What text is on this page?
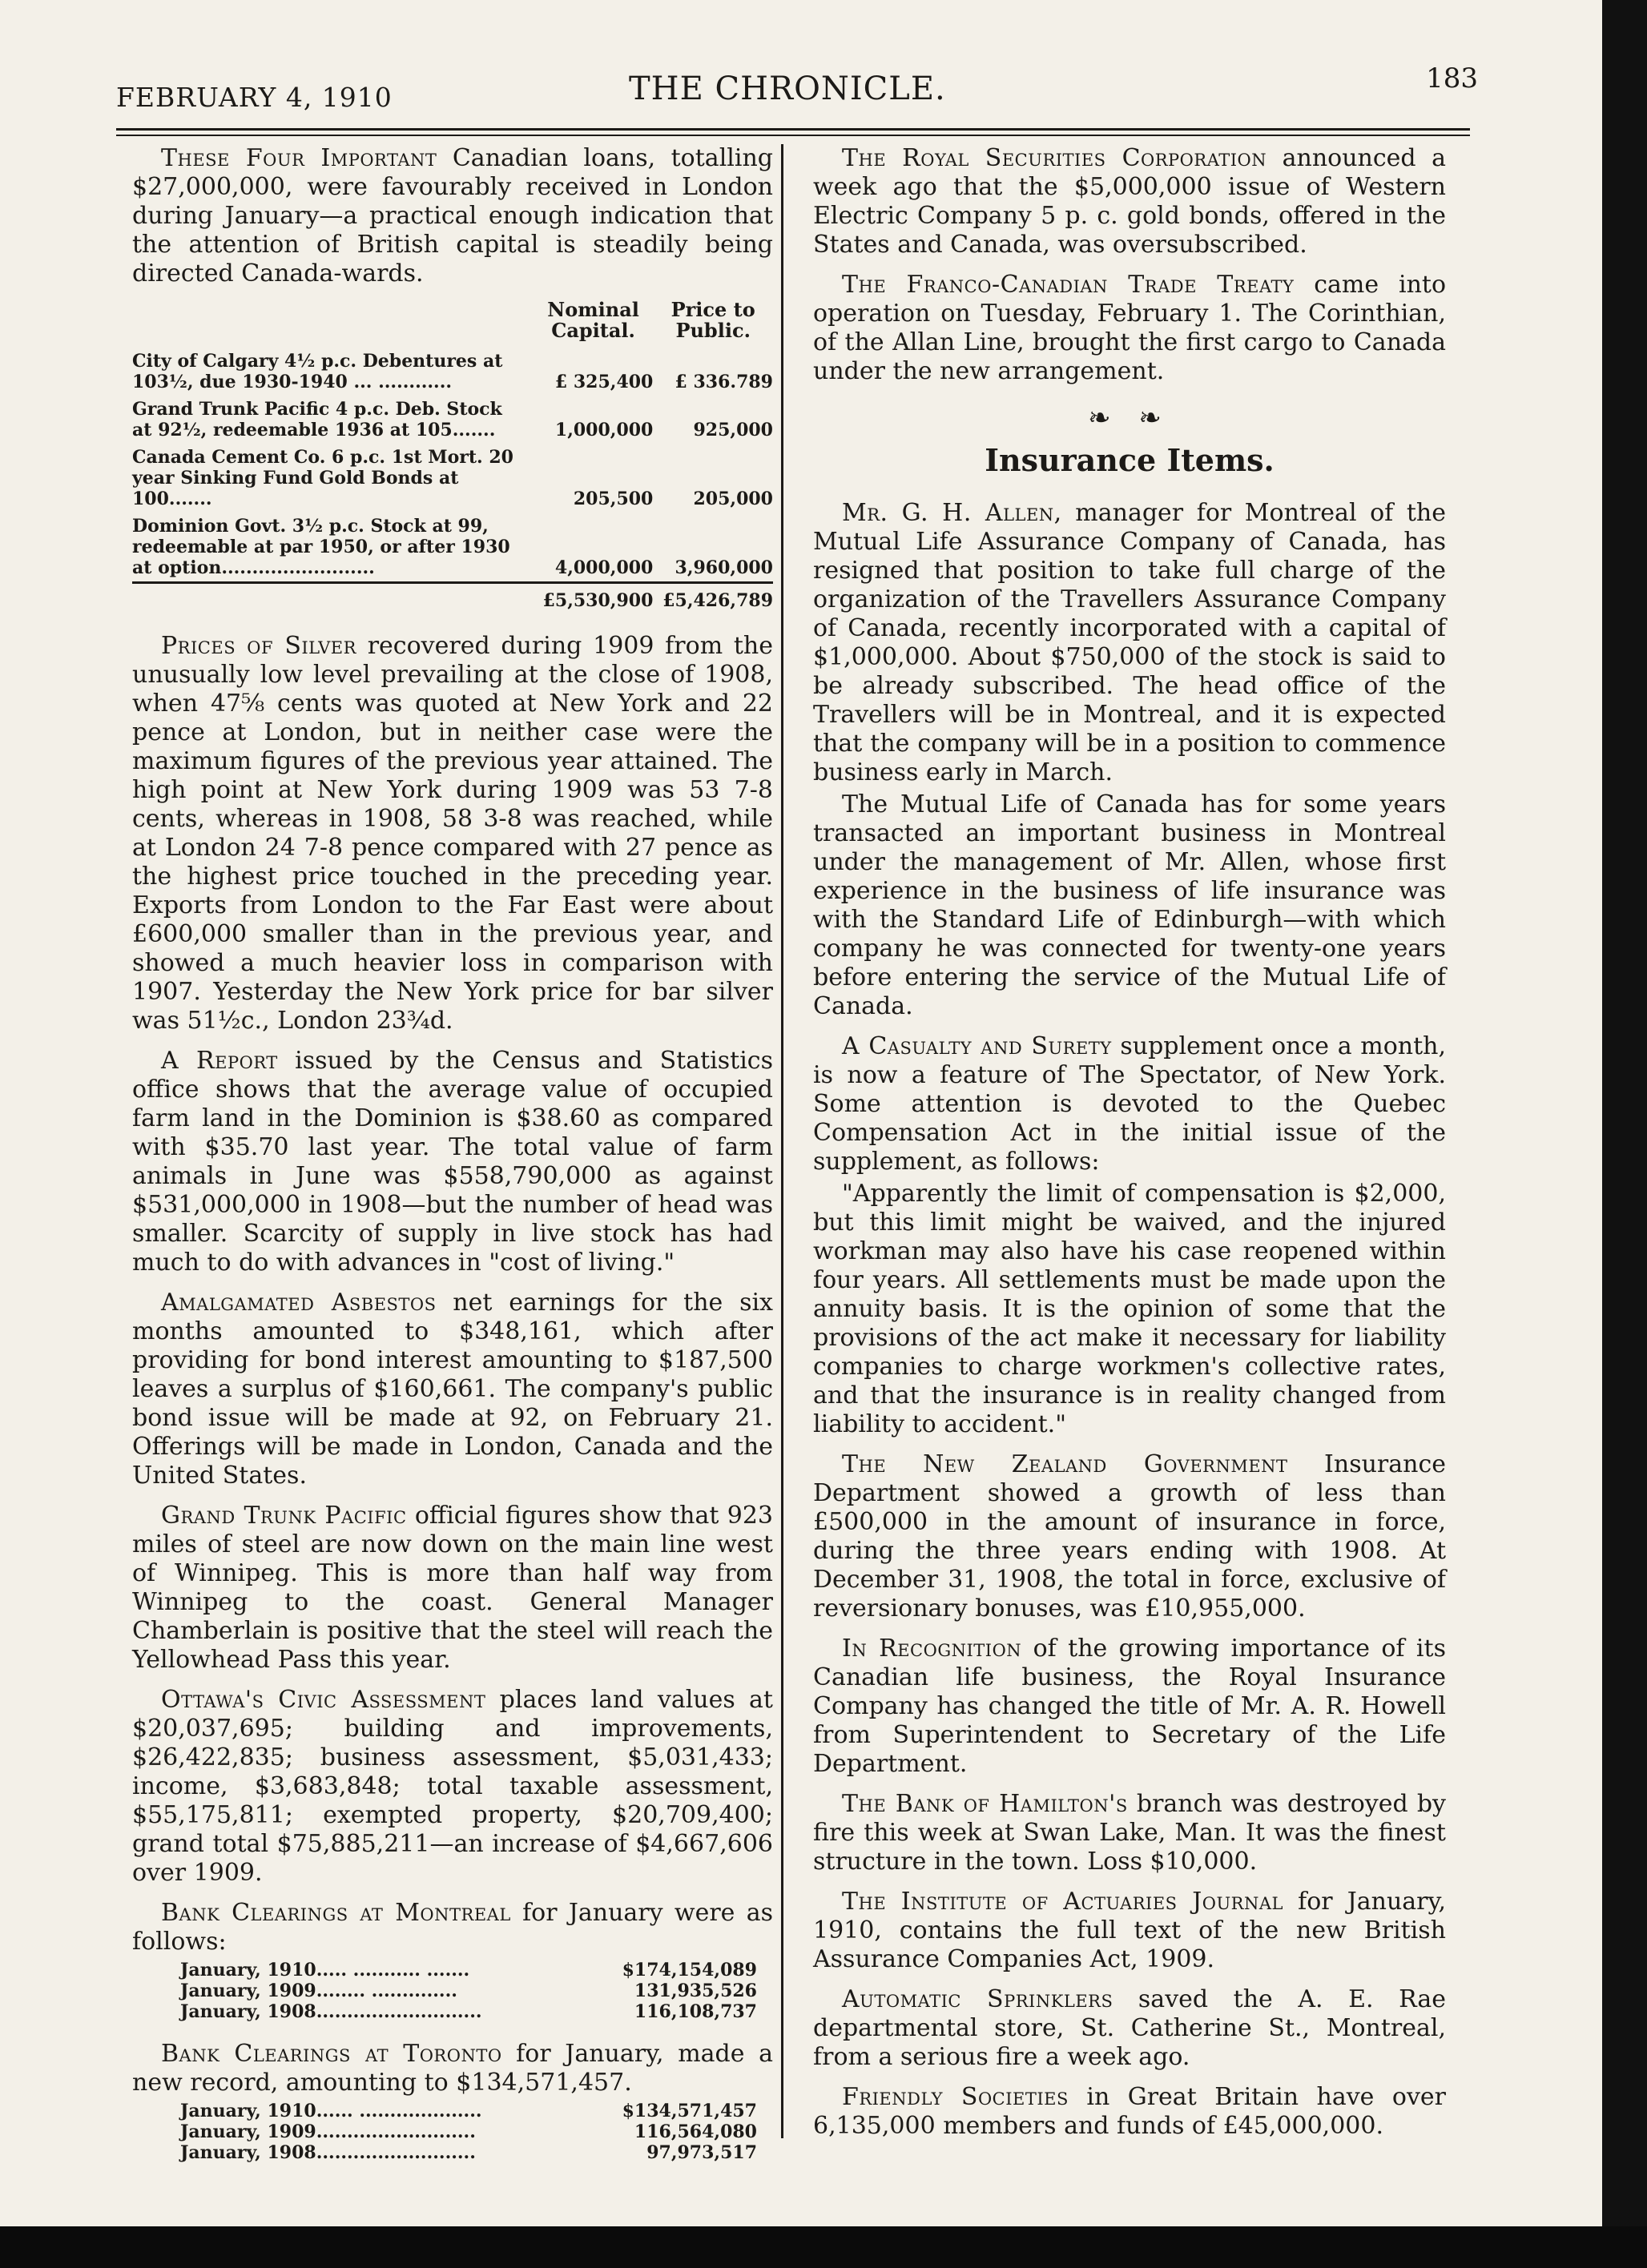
FEBRUARY 4, 1910	THE CHRONICLE.	183

These Four Important Canadian loans, totalling $27,000,000, were favourably received in London during January—a practical enough indication that the attention of British capital is steadily being directed Canada-wards.

	Nominal Capital.	Price to Public.
City of Calgary 4½ p.c. Debentures at 103½, due 1930-1940 ... ............	£ 325,400	£ 336.789
Grand Trunk Pacific 4 p.c. Deb. Stock at 92½, redeemable 1936 at 105.......	1,000,000	925,000
Canada Cement Co. 6 p.c. 1st Mort. 20 year Sinking Fund Gold Bonds at 100.......	205,500	205,000
Dominion Govt. 3½ p.c. Stock at 99, redeemable at par 1950, or after 1930 at option.........................	4,000,000	3,960,000
	£5,530,900	£5,426,789

Prices of Silver recovered during 1909 from the unusually low level prevailing at the close of 1908, when 47⅝ cents was quoted at New York and 22 pence at London, but in neither case were the maximum figures of the previous year attained. The high point at New York during 1909 was 53 7-8 cents, whereas in 1908, 58 3-8 was reached, while at London 24 7-8 pence compared with 27 pence as the highest price touched in the preceding year. Exports from London to the Far East were about £600,000 smaller than in the previous year, and showed a much heavier loss in comparison with 1907. Yesterday the New York price for bar silver was 51½c., London 23¾d.

A Report issued by the Census and Statistics office shows that the average value of occupied farm land in the Dominion is $38.60 as compared with $35.70 last year. The total value of farm animals in June was $558,790,000 as against $531,000,000 in 1908—but the number of head was smaller. Scarcity of supply in live stock has had much to do with advances in "cost of living."

Amalgamated Asbestos net earnings for the six months amounted to $348,161, which after providing for bond interest amounting to $187,500 leaves a surplus of $160,661. The company's public bond issue will be made at 92, on February 21. Offerings will be made in London, Canada and the United States.

Grand Trunk Pacific official figures show that 923 miles of steel are now down on the main line west of Winnipeg. This is more than half way from Winnipeg to the coast. General Manager Chamberlain is positive that the steel will reach the Yellowhead Pass this year.

Ottawa's Civic Assessment places land values at $20,037,695; building and improvements, $26,422,835; business assessment, $5,031,433; income, $3,683,848; total taxable assessment, $55,175,811; exempted property, $20,709,400; grand total $75,885,211—an increase of $4,667,606 over 1909.

Bank Clearings at Montreal for January were as follows:

January, 1910..... ........... .......	$174,154,089
January, 1909........ ..............	131,935,526
January, 1908...........................	116,108,737

Bank Clearings at Toronto for January, made a new record, amounting to $134,571,457.

January, 1910...... ....................	$134,571,457
January, 1909..........................	116,564,080
January, 1908..........................	97,973,517

The Royal Securities Corporation announced a week ago that the $5,000,000 issue of Western Electric Company 5 p. c. gold bonds, offered in the States and Canada, was oversubscribed.

The Franco-Canadian Trade Treaty came into operation on Tuesday, February 1. The Corinthian, of the Allan Line, brought the first cargo to Canada under the new arrangement.

❧ ❧
Insurance Items.

Mr. G. H. Allen, manager for Montreal of the Mutual Life Assurance Company of Canada, has resigned that position to take full charge of the organization of the Travellers Assurance Company of Canada, recently incorporated with a capital of $1,000,000. About $750,000 of the stock is said to be already subscribed. The head office of the Travellers will be in Montreal, and it is expected that the company will be in a position to commence business early in March.

The Mutual Life of Canada has for some years transacted an important business in Montreal under the management of Mr. Allen, whose first experience in the business of life insurance was with the Standard Life of Edinburgh—with which company he was connected for twenty-one years before entering the service of the Mutual Life of Canada.

A Casualty and Surety supplement once a month, is now a feature of The Spectator, of New York. Some attention is devoted to the Quebec Compensation Act in the initial issue of the supplement, as follows:

"Apparently the limit of compensation is $2,000, but this limit might be waived, and the injured workman may also have his case reopened within four years. All settlements must be made upon the annuity basis. It is the opinion of some that the provisions of the act make it necessary for liability companies to charge workmen's collective rates, and that the insurance is in reality changed from liability to accident."

The New Zealand Government Insurance Department showed a growth of less than £500,000 in the amount of insurance in force, during the three years ending with 1908. At December 31, 1908, the total in force, exclusive of reversionary bonuses, was £10,955,000.

In Recognition of the growing importance of its Canadian life business, the Royal Insurance Company has changed the title of Mr. A. R. Howell from Superintendent to Secretary of the Life Department.

The Bank of Hamilton's branch was destroyed by fire this week at Swan Lake, Man. It was the finest structure in the town. Loss $10,000.

The Institute of Actuaries Journal for January, 1910, contains the full text of the new British Assurance Companies Act, 1909.

Automatic Sprinklers saved the A. E. Rae departmental store, St. Catherine St., Montreal, from a serious fire a week ago.

Friendly Societies in Great Britain have over 6,135,000 members and funds of £45,000,000.
